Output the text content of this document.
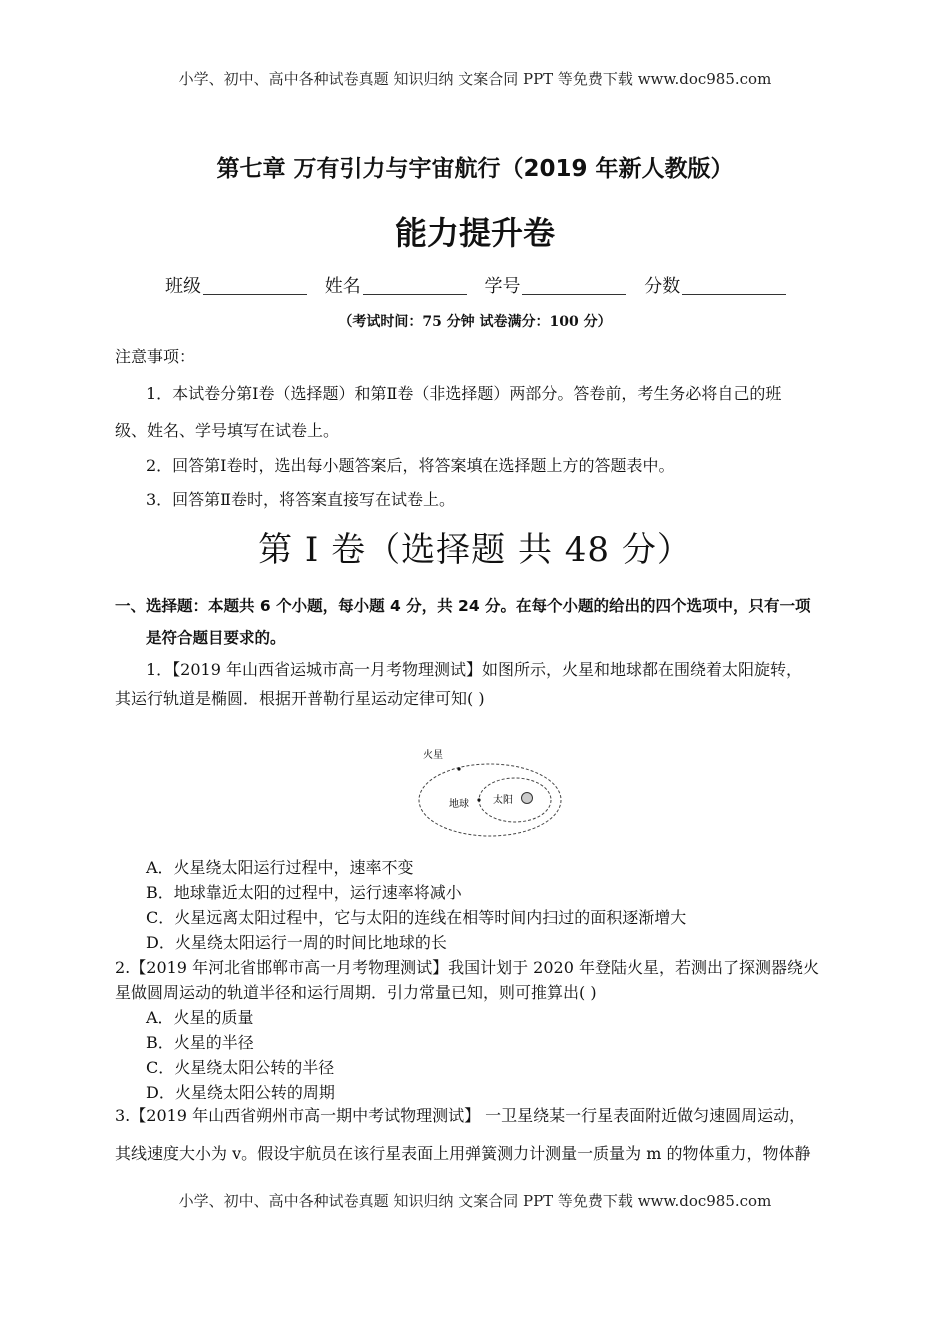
小学、初中、高中各种试卷真题 知识归纳 文案合同 PPT 等免费下载 www.doc985.com
第七章 万有引力与宇宙航行（2019 年新人教版）
能力提升卷
班级	姓名	学号	分数
（考试时间：75 分钟 试卷满分：100 分）
注意事项：
1．本试卷分第Ⅰ卷（选择题）和第Ⅱ卷（非选择题）两部分。答卷前，考生务必将自己的班
级、姓名、学号填写在试卷上。
2．回答第Ⅰ卷时，选出每小题答案后，将答案填在选择题上方的答题表中。
3．回答第Ⅱ卷时，将答案直接写在试卷上。
第 I 卷（选择题 共 48 分）
一、选择题：本题共 6 个小题，每小题 4 分，共 24 分。在每个小题的给出的四个选项中，只有一项
是符合题目要求的。
1．【2019 年山西省运城市高一月考物理测试】如图所示，火星和地球都在围绕着太阳旋转，
其运行轨道是椭圆．根据开普勒行星运动定律可知( )
火星
地球 太阳
A．火星绕太阳运行过程中，速率不变
B．地球靠近太阳的过程中，运行速率将减小
C．火星远离太阳过程中，它与太阳的连线在相等时间内扫过的面积逐渐增大
D．火星绕太阳运行一周的时间比地球的长
2.【2019 年河北省邯郸市高一月考物理测试】我国计划于 2020 年登陆火星，若测出了探测器绕火
星做圆周运动的轨道半径和运行周期．引力常量已知，则可推算出( )
A．火星的质量
B．火星的半径
C．火星绕太阳公转的半径
D．火星绕太阳公转的周期
3.【2019 年山西省朔州市高一期中考试物理测试】 一卫星绕某一行星表面附近做匀速圆周运动，
其线速度大小为 v。假设宇航员在该行星表面上用弹簧测力计测量一质量为 m 的物体重力，物体静
小学、初中、高中各种试卷真题 知识归纳 文案合同 PPT 等免费下载 www.doc985.com
